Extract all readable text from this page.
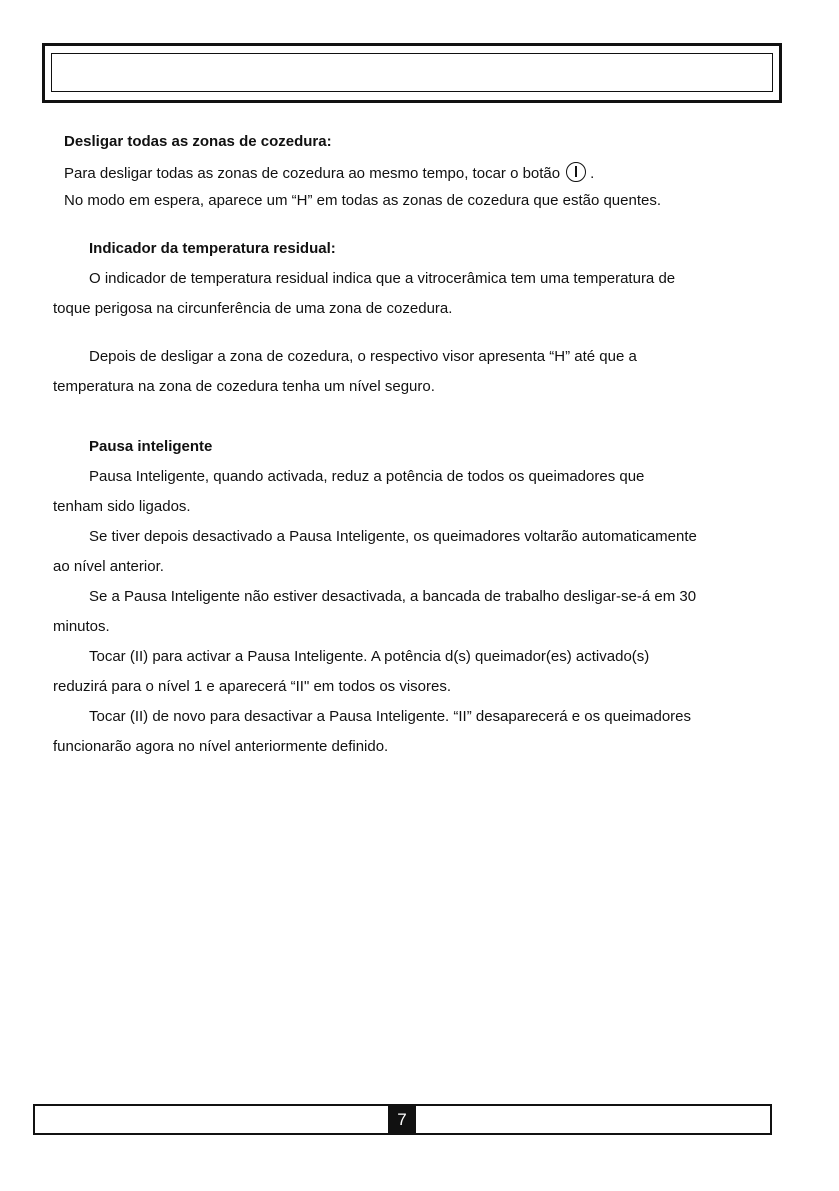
Desligar todas as zonas de cozedura:
Para desligar todas as zonas de cozedura ao mesmo tempo, tocar o botão .
No modo em espera, aparece um “H” em todas as zonas de cozedura que estão quentes.
Indicador da temperatura residual:
O indicador de temperatura residual indica que a vitrocerâmica tem uma temperatura de
toque perigosa na circunferência de uma zona de cozedura.
Depois de desligar a zona de cozedura, o respectivo visor apresenta “H” até que a
temperatura na zona de cozedura tenha um nível seguro.
Pausa inteligente
Pausa Inteligente, quando activada, reduz a potência de todos os queimadores que
tenham sido ligados.
Se tiver depois desactivado a Pausa Inteligente, os queimadores voltarão automaticamente
ao nível anterior.
Se a Pausa Inteligente não estiver desactivada, a bancada de trabalho desligar-se-á em 30
minutos.
Tocar (II) para activar a Pausa Inteligente. A potência d(s) queimador(es) activado(s)
reduzirá para o nível 1 e aparecerá “II" em todos os visores.
Tocar (II) de novo para desactivar a Pausa Inteligente. “II” desaparecerá e os queimadores
funcionarão agora no nível anteriormente definido.
7
